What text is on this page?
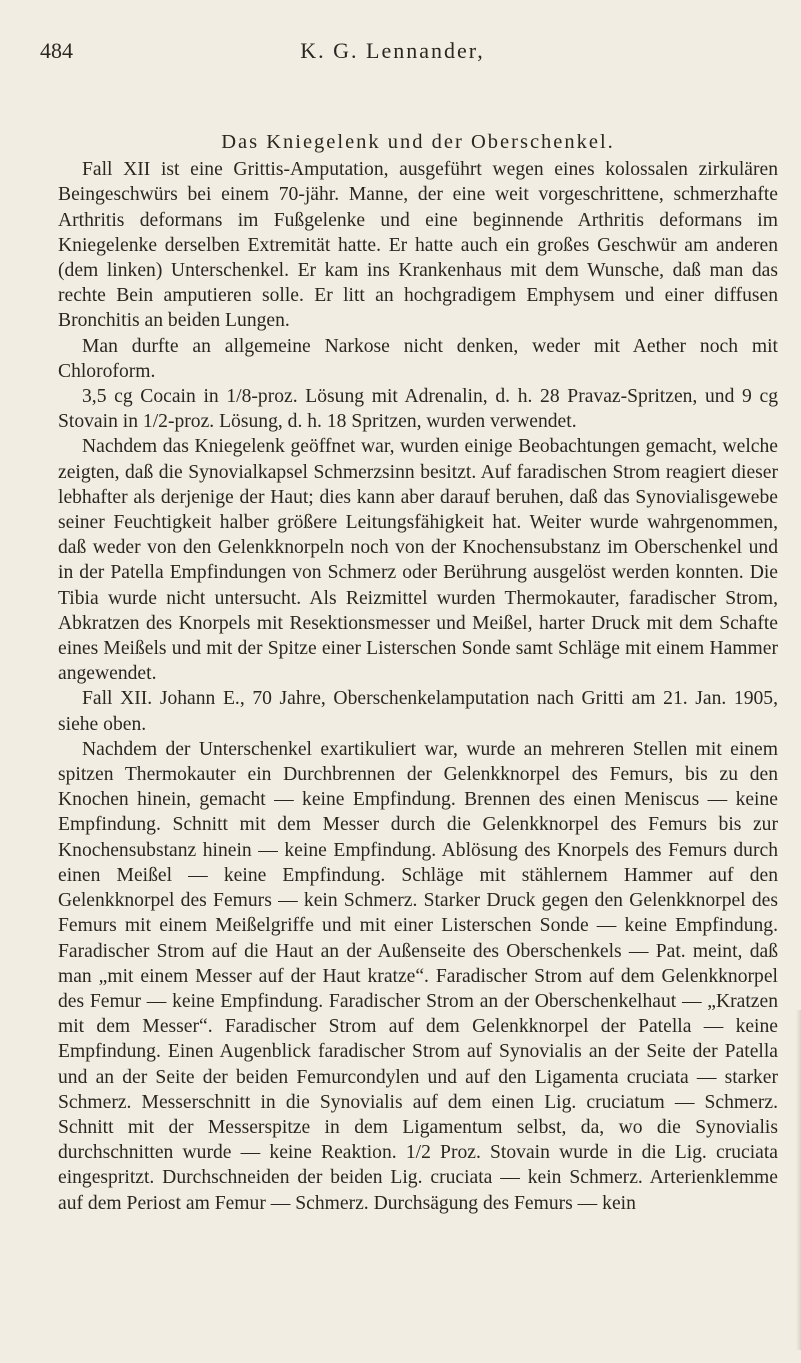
484	K. G. Lennander,

Das Kniegelenk und der Oberschenkel.

Fall XII ist eine Grittis-Amputation, ausgeführt wegen eines kolossalen zirkulären Beingeschwürs bei einem 70-jähr. Manne, der eine weit vorgeschrittene, schmerzhafte Arthritis deformans im Fußgelenke und eine beginnende Arthritis deformans im Kniegelenke derselben Extremität hatte. Er hatte auch ein großes Geschwür am anderen (dem linken) Unterschenkel. Er kam ins Krankenhaus mit dem Wunsche, daß man das rechte Bein amputieren solle. Er litt an hochgradigem Emphysem und einer diffusen Bronchitis an beiden Lungen.

Man durfte an allgemeine Narkose nicht denken, weder mit Aether noch mit Chloroform.

3,5 cg Cocain in 1/8-proz. Lösung mit Adrenalin, d. h. 28 Pravaz-Spritzen, und 9 cg Stovain in 1/2-proz. Lösung, d. h. 18 Spritzen, wurden verwendet.

Nachdem das Kniegelenk geöffnet war, wurden einige Beobachtungen gemacht, welche zeigten, daß die Synovialkapsel Schmerzsinn besitzt. Auf faradischen Strom reagiert dieser lebhafter als derjenige der Haut; dies kann aber darauf beruhen, daß das Synovialisgewebe seiner Feuchtigkeit halber größere Leitungsfähigkeit hat. Weiter wurde wahrgenommen, daß weder von den Gelenkknorpeln noch von der Knochensubstanz im Oberschenkel und in der Patella Empfindungen von Schmerz oder Berührung ausgelöst werden konnten. Die Tibia wurde nicht untersucht. Als Reizmittel wurden Thermokauter, faradischer Strom, Abkratzen des Knorpels mit Resektionsmesser und Meißel, harter Druck mit dem Schafte eines Meißels und mit der Spitze einer Listerschen Sonde samt Schläge mit einem Hammer angewendet.

Fall XII. Johann E., 70 Jahre, Oberschenkelamputation nach Gritti am 21. Jan. 1905, siehe oben.

Nachdem der Unterschenkel exartikuliert war, wurde an mehreren Stellen mit einem spitzen Thermokauter ein Durchbrennen der Gelenkknorpel des Femurs, bis zu den Knochen hinein, gemacht — keine Empfindung. Brennen des einen Meniscus — keine Empfindung. Schnitt mit dem Messer durch die Gelenkknorpel des Femurs bis zur Knochensubstanz hinein — keine Empfindung. Ablösung des Knorpels des Femurs durch einen Meißel — keine Empfindung. Schläge mit stählernem Hammer auf den Gelenkknorpel des Femurs — kein Schmerz. Starker Druck gegen den Gelenkknorpel des Femurs mit einem Meißelgriffe und mit einer Listerschen Sonde — keine Empfindung. Faradischer Strom auf die Haut an der Außenseite des Oberschenkels — Pat. meint, daß man „mit einem Messer auf der Haut kratze“. Faradischer Strom auf dem Gelenkknorpel des Femur — keine Empfindung. Faradischer Strom an der Oberschenkelhaut — „Kratzen mit dem Messer“. Faradischer Strom auf dem Gelenkknorpel der Patella — keine Empfindung. Einen Augenblick faradischer Strom auf Synovialis an der Seite der Patella und an der Seite der beiden Femurcondylen und auf den Ligamenta cruciata — starker Schmerz. Messerschnitt in die Synovialis auf dem einen Lig. cruciatum — Schmerz. Schnitt mit der Messerspitze in dem Ligamentum selbst, da, wo die Synovialis durchschnitten wurde — keine Reaktion. 1/2 Proz. Stovain wurde in die Lig. cruciata eingespritzt. Durchschneiden der beiden Lig. cruciata — kein Schmerz. Arterienklemme auf dem Periost am Femur — Schmerz. Durchsägung des Femurs — kein
